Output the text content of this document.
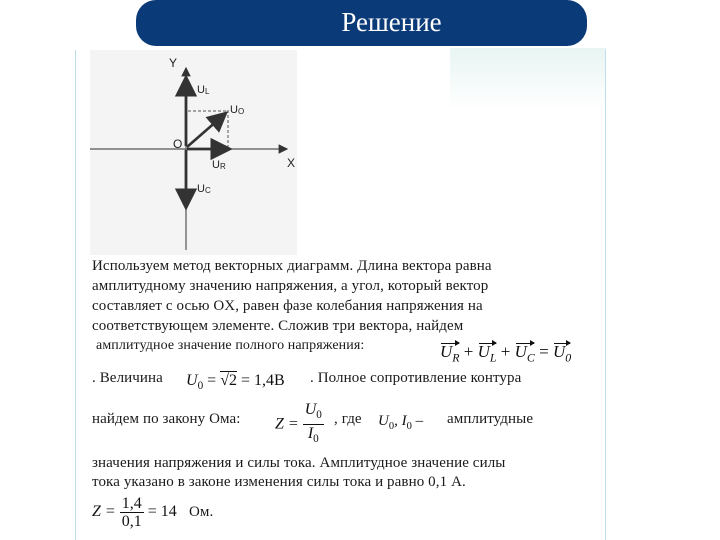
Решение
Y
X
O
UL
UO
UR
UC
Используем метод векторных диаграмм. Длина вектора равна
амплитудному значению напряжения, а угол, который вектор
составляет с осью OX, равен фазе колебания напряжения на
соответствующем элементе. Сложив три вектора, найдем
амплитудное значение полного напряжения:	$U_R + U_L + U_C = U_0$
. Величина $U_0 = √2 = 1,4B$ . Полное сопротивление контура
найдем по закону Ома: $Z = \frac{U_0}{I_0}$ , где $U_0$, $I_0$ – амплитудные
значения напряжения и силы тока. Амплитудное значение силы
тока указано в законе изменения силы тока и равно 0,1 А.
$Z = \frac{1,4}{0,1} = 14$ Ом.
